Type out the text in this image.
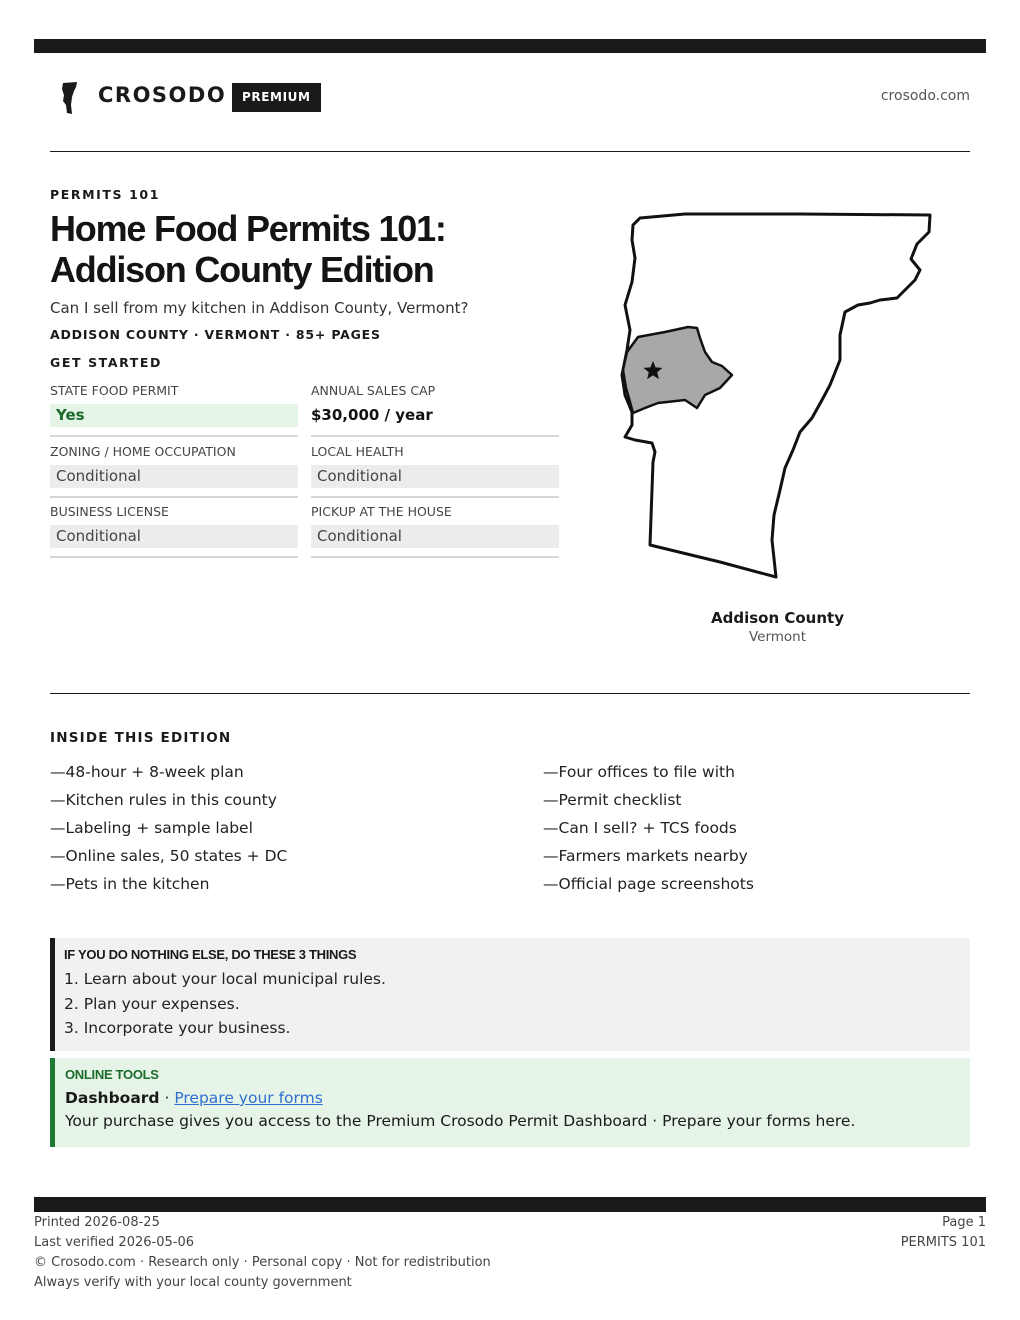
CROSODO	PREMIUM	crosodo.com
PERMITS 101
Home Food Permits 101:
Addison County Edition
Can I sell from my kitchen in Addison County, Vermont?
ADDISON COUNTY · VERMONT · 85+ PAGES
GET STARTED
STATE FOOD PERMIT
Yes
ANNUAL SALES CAP
$30,000 / year
ZONING / HOME OCCUPATION
Conditional
LOCAL HEALTH
Conditional
BUSINESS LICENSE
Conditional
PICKUP AT THE HOUSE
Conditional
Addison County
Vermont
INSIDE THIS EDITION
—48-hour + 8-week plan
—Kitchen rules in this county
—Labeling + sample label
—Online sales, 50 states + DC
—Pets in the kitchen
—Four offices to file with
—Permit checklist
—Can I sell? + TCS foods
—Farmers markets nearby
—Official page screenshots
IF YOU DO NOTHING ELSE, DO THESE 3 THINGS
1. Learn about your local municipal rules.
2. Plan your expenses.
3. Incorporate your business.
ONLINE TOOLS
Dashboard · Prepare your forms
Your purchase gives you access to the Premium Crosodo Permit Dashboard · Prepare your forms here.
Printed 2026-08-25
Last verified 2026-05-06
© Crosodo.com · Research only · Personal copy · Not for redistribution
Always verify with your local county government
Page 1
PERMITS 101
